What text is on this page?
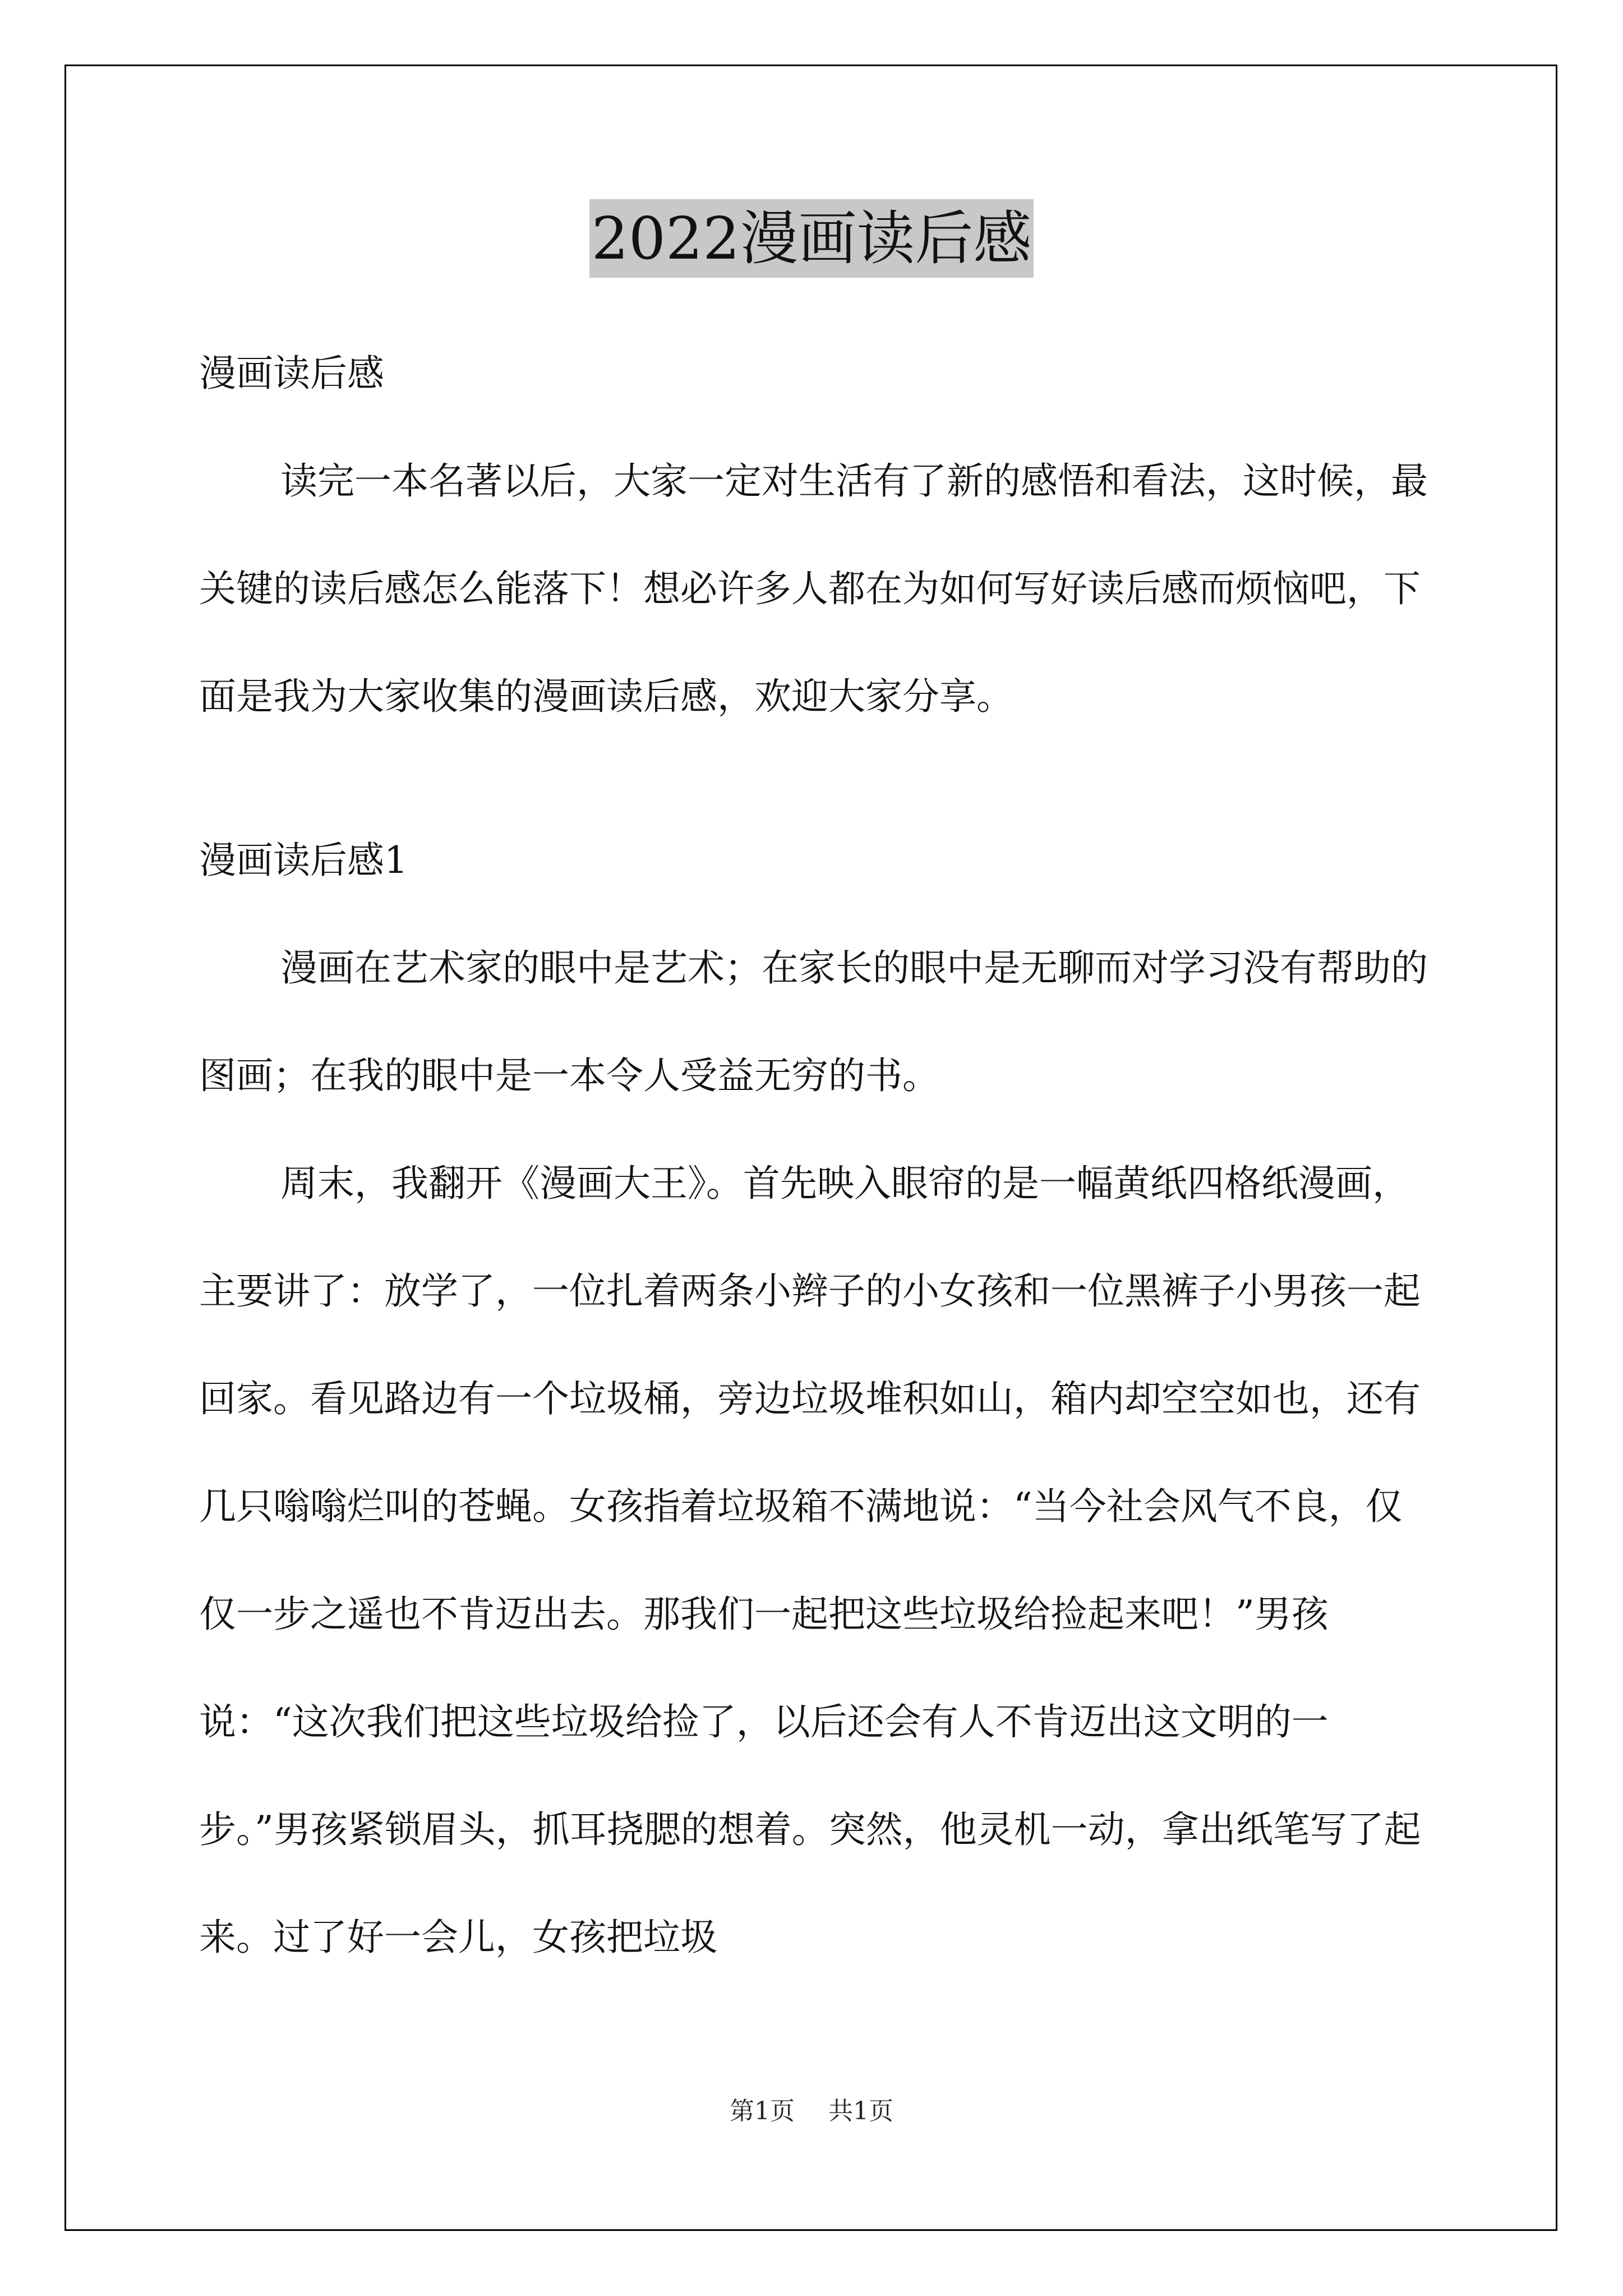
2022漫画读后感

漫画读后感

读完一本名著以后，大家一定对生活有了新的感悟和看法，这时候，最关键的读后感怎么能落下！想必许多人都在为如何写好读后感而烦恼吧，下面是我为大家收集的漫画读后感，欢迎大家分享。

漫画读后感1

漫画在艺术家的眼中是艺术；在家长的眼中是无聊而对学习没有帮助的图画；在我的眼中是一本令人受益无穷的书。

周末，我翻开《漫画大王》。首先映入眼帘的是一幅黄纸四格纸漫画，主要讲了：放学了，一位扎着两条小辫子的小女孩和一位黑裤子小男孩一起回家。看见路边有一个垃圾桶，旁边垃圾堆积如山，箱内却空空如也，还有几只嗡嗡烂叫的苍蝇。女孩指着垃圾箱不满地说：“当今社会风气不良，仅仅一步之遥也不肯迈出去。那我们一起把这些垃圾给捡起来吧！”男孩说：“这次我们把这些垃圾给捡了，以后还会有人不肯迈出这文明的一步。”男孩紧锁眉头，抓耳挠腮的想着。突然，他灵机一动，拿出纸笔写了起来。过了好一会儿，女孩把垃圾

第1页 共1页
